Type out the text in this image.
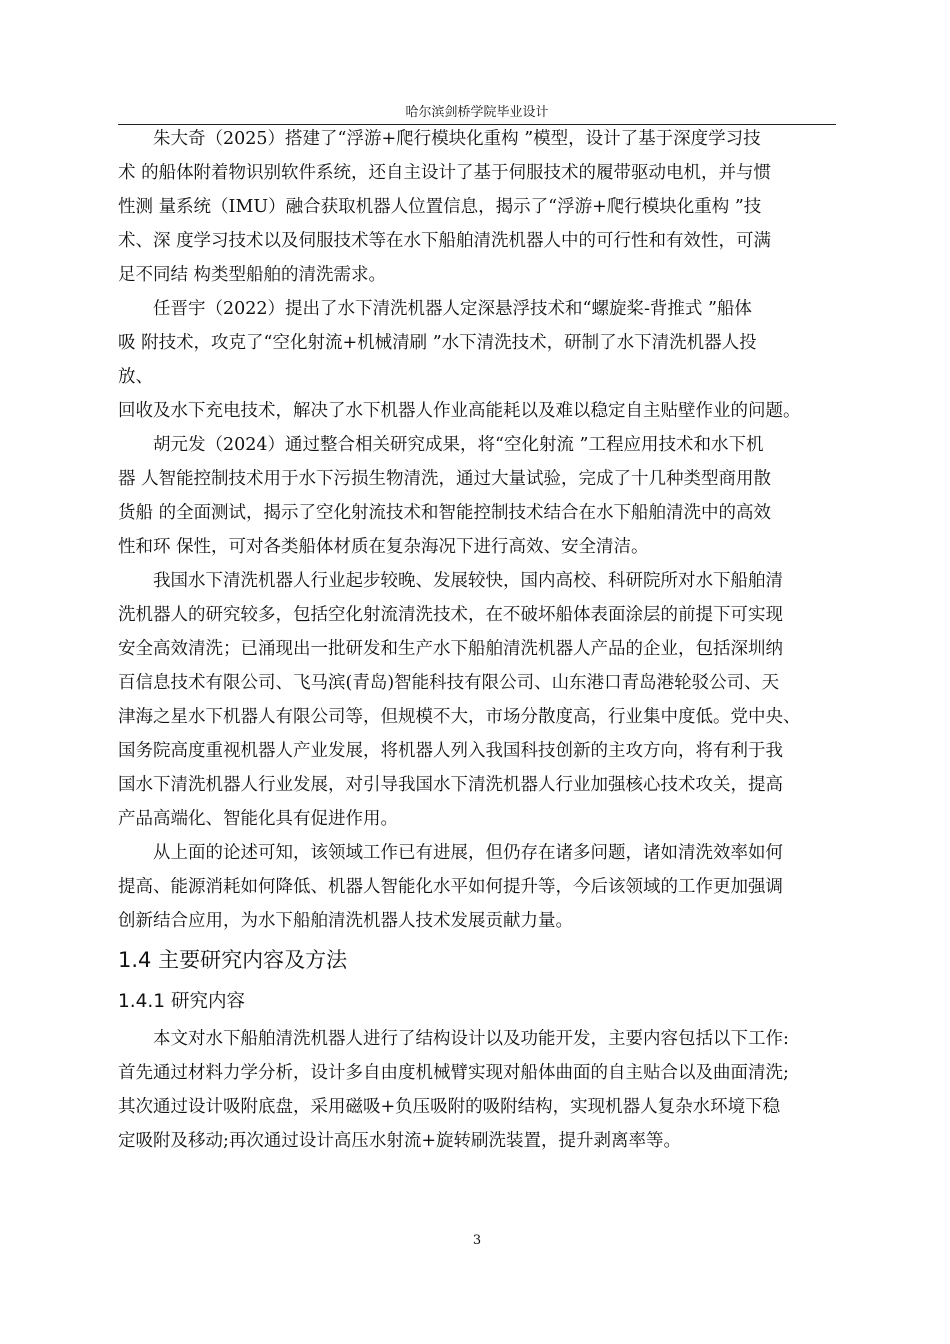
哈尔滨剑桥学院毕业设计
朱大奇（2025）搭建了“浮游+爬行模块化重构 ”模型，设计了基于深度学习技
术 的船体附着物识别软件系统，还自主设计了基于伺服技术的履带驱动电机，并与惯
性测 量系统（IMU）融合获取机器人位置信息，揭示了“浮游+爬行模块化重构 ”技
术、深 度学习技术以及伺服技术等在水下船舶清洗机器人中的可行性和有效性，可满
足不同结 构类型船舶的清洗需求。
任晋宇（2022）提出了水下清洗机器人定深悬浮技术和“螺旋桨-背推式 ”船体
吸 附技术，攻克了“空化射流+机械清刷 ”水下清洗技术，研制了水下清洗机器人投
放、
回收及水下充电技术，解决了水下机器人作业高能耗以及难以稳定自主贴壁作业的问题。
胡元发（2024）通过整合相关研究成果，将“空化射流 ”工程应用技术和水下机
器 人智能控制技术用于水下污损生物清洗，通过大量试验，完成了十几种类型商用散
货船 的全面测试，揭示了空化射流技术和智能控制技术结合在水下船舶清洗中的高效
性和环 保性，可对各类船体材质在复杂海况下进行高效、安全清洁。
我国水下清洗机器人行业起步较晚、发展较快，国内高校、科研院所对水下船舶清
洗机器人的研究较多，包括空化射流清洗技术，在不破坏船体表面涂层的前提下可实现
安全高效清洗；已涌现出一批研发和生产水下船舶清洗机器人产品的企业，包括深圳纳
百信息技术有限公司、飞马滨(青岛)智能科技有限公司、山东港口青岛港轮驳公司、天
津海之星水下机器人有限公司等，但规模不大，市场分散度高，行业集中度低。党中央、
国务院高度重视机器人产业发展，将机器人列入我国科技创新的主攻方向，将有利于我
国水下清洗机器人行业发展，对引导我国水下清洗机器人行业加强核心技术攻关，提高
产品高端化、智能化具有促进作用。
从上面的论述可知，该领域工作已有进展，但仍存在诸多问题，诸如清洗效率如何
提高、能源消耗如何降低、机器人智能化水平如何提升等，今后该领域的工作更加强调
创新结合应用，为水下船舶清洗机器人技术发展贡献力量。
1.4 主要研究内容及方法
1.4.1 研究内容
本文对水下船舶清洗机器人进行了结构设计以及功能开发，主要内容包括以下工作:
首先通过材料力学分析，设计多自由度机械臂实现对船体曲面的自主贴合以及曲面清洗;
其次通过设计吸附底盘，采用磁吸+负压吸附的吸附结构，实现机器人复杂水环境下稳
定吸附及移动;再次通过设计高压水射流+旋转刷洗装置，提升剥离率等。
3
